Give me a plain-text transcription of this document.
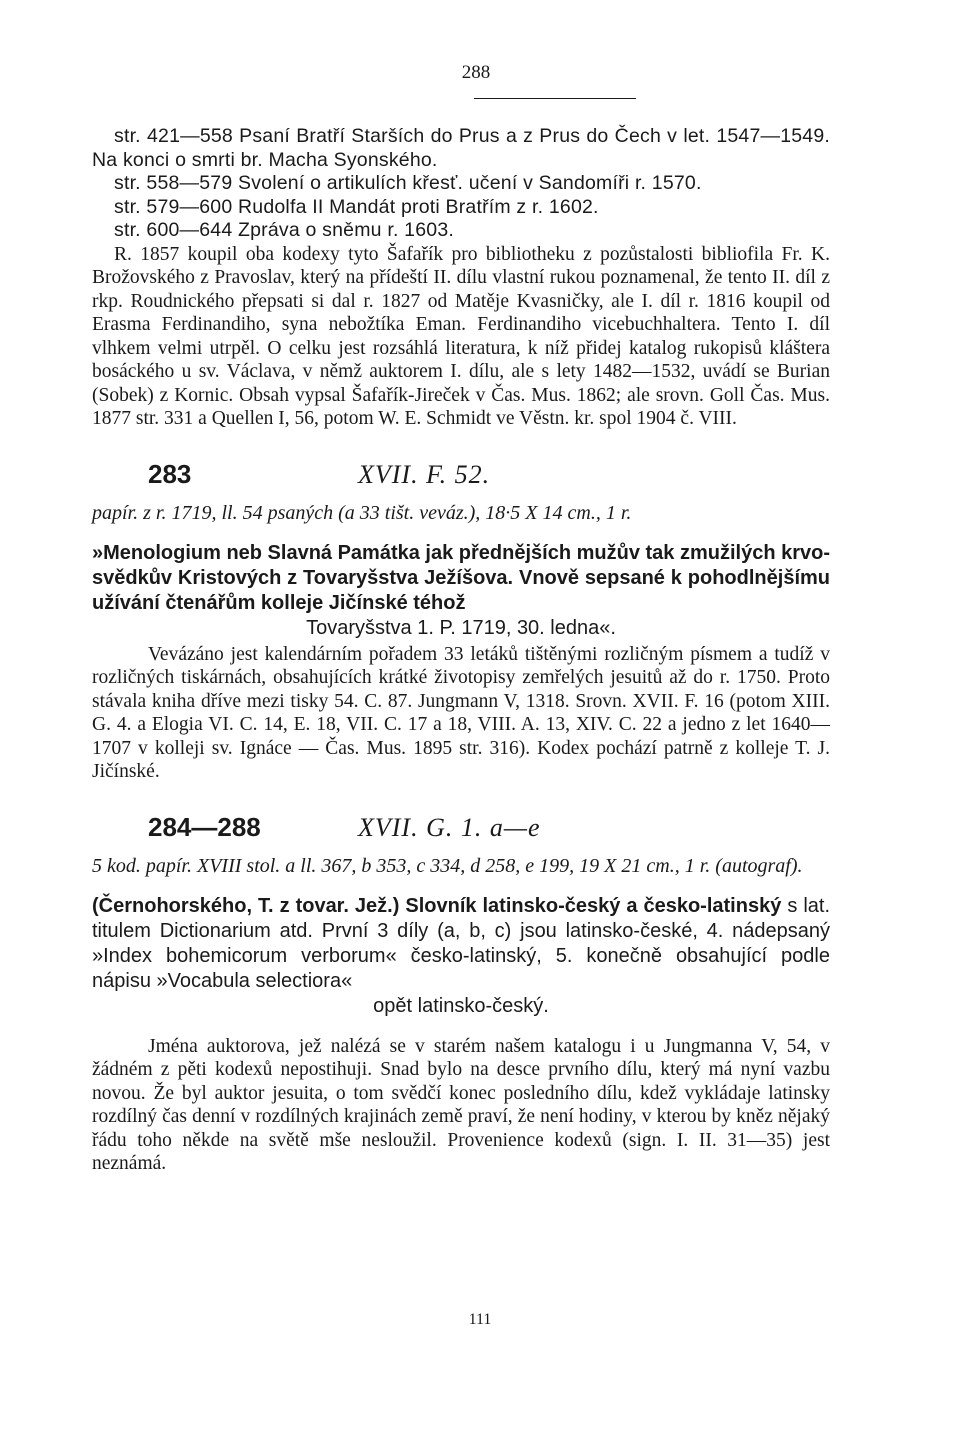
288

str. 421—558 Psaní Bratří Starších do Prus a z Prus do Čech v let. 1547—1549. Na konci o smrti br. Macha Syonského.

str. 558—579 Svolení o artikulích křesť. učení v Sandomíři r. 1570.

str. 579—600 Rudolfa II Mandát proti Bratřím z r. 1602.

str. 600—644 Zpráva o sněmu r. 1603.

R. 1857 koupil oba kodexy tyto Šafařík pro bibliotheku z pozůstalosti bibliofila Fr. K. Brožovského z Pravoslav, který na přídeští II. dílu vlastní rukou poznamenal, že tento II. díl z rkp. Roudnického přepsati si dal r. 1827 od Matěje Kvasničky, ale I. díl r. 1816 koupil od Erasma Ferdinandiho, syna nebožtíka Eman. Ferdinandiho vicebuchhaltera. Tento I. díl vlhkem velmi utrpěl. O celku jest rozsáhlá literatura, k níž přidej katalog rukopisů kláštera bosáckého u sv. Václava, v němž auktorem I. dílu, ale s lety 1482—1532, uvádí se Burian (Sobek) z Kornic. Obsah vypsal Šafařík-Jireček v Čas. Mus. 1862; ale srovn. Goll Čas. Mus. 1877 str. 331 a Quellen I, 56, potom W. E. Schmidt ve Věstn. kr. spol 1904 č. VIII.

283	XVII. F. 52.

papír. z r. 1719, ll. 54 psaných (a 33 tišt. veváz.), 18·5 X 14 cm., 1 r.

»Menologium neb Slavná Památka jak přednějších mužův tak zmužilých krvo-svědkův Kristových z Tovaryšstva Ježíšova. Vnově sepsané k pohodlnějšímu užívání čtenářům kolleje Jičínské téhož
Tovaryšstva 1. P. 1719, 30. ledna«.

Vevázáno jest kalendárním pořadem 33 letáků tištěnými rozličným písmem a tudíž v rozličných tiskárnách, obsahujících krátké životopisy zemřelých jesuitů až do r. 1750. Proto stávala kniha dříve mezi tisky 54. C. 87. Jungmann V, 1318. Srovn. XVII. F. 16 (potom XIII. G. 4. a Elogia VI. C. 14, E. 18, VII. C. 17 a 18, VIII. A. 13, XIV. C. 22 a jedno z let 1640—1707 v kolleji sv. Ignáce — Čas. Mus. 1895 str. 316). Kodex pochází patrně z kolleje T. J. Jičínské.

284—288	XVII. G. 1. a—e

5 kod. papír. XVIII stol. a ll. 367, b 353, c 334, d 258, e 199, 19 X 21 cm., 1 r. (autograf).

(Černohorského, T. z tovar. Jež.) Slovník latinsko-český a česko-latinský s lat. titulem Dictionarium atd. První 3 díly (a, b, c) jsou latinsko-české, 4. nádepsaný »Index bohemicorum verborum« česko-latinský, 5. konečně obsahující podle nápisu »Vocabula selectiora«
opět latinsko-český.

Jména auktorova, jež nalézá se v starém našem katalogu i u Jungmanna V, 54, v žádném z pěti kodexů nepostihuji. Snad bylo na desce prvního dílu, který má nyní vazbu novou. Že byl auktor jesuita, o tom svědčí konec posledního dílu, kdež vykládaje latinsky rozdílný čas denní v rozdílných krajinách země praví, že není hodiny, v kterou by kněz nějaký řádu toho někde na světě mše nesloužil. Provenience kodexů (sign. I. II. 31—35) jest neznámá.

111
